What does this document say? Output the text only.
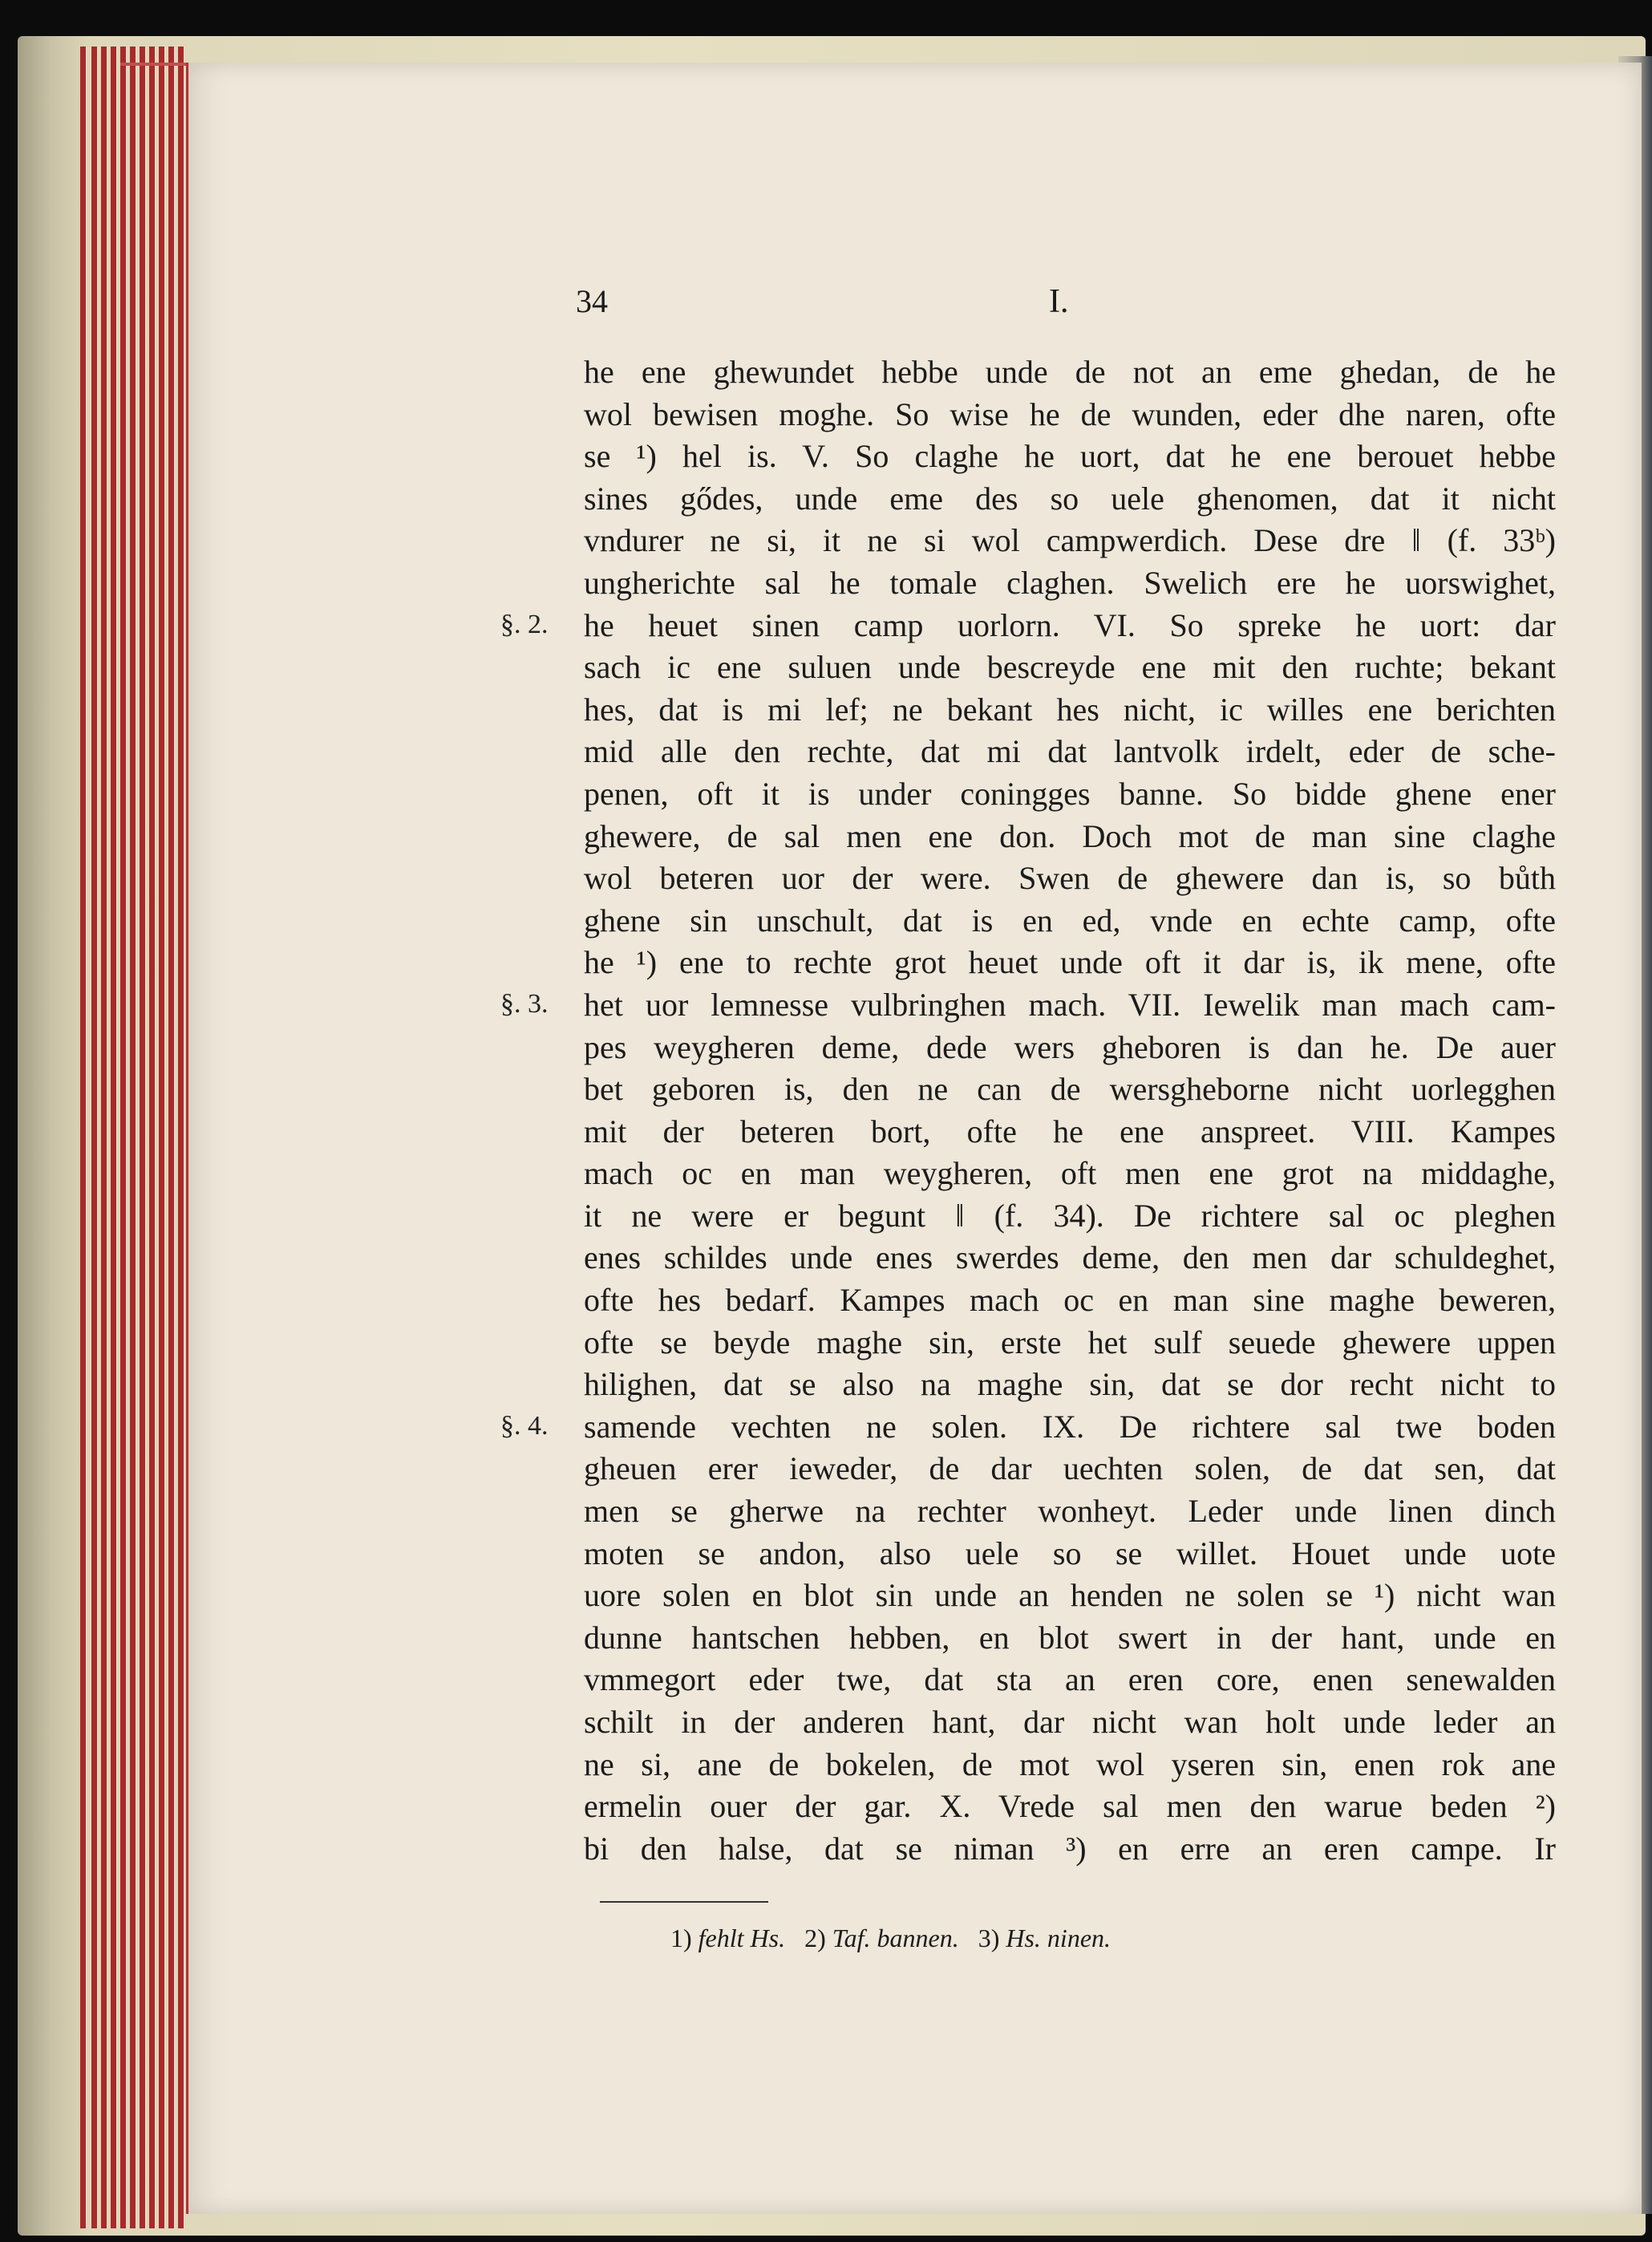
34	I.
§. 2.
§. 3.
§. 4.
he ene ghewundet hebbe unde de not an eme ghedan, de he
wol bewisen moghe. So wise he de wunden, eder dhe naren, ofte
se ¹) hel is. V. So claghe he uort, dat he ene berouet hebbe
sines gődes, unde eme des so uele ghenomen, dat it nicht
vndurer ne si, it ne si wol campwerdich. Dese dre ‖ (f. 33ᵇ)
ungherichte sal he tomale claghen. Swelich ere he uorswighet,
he heuet sinen camp uorlorn. VI. So spreke he uort: dar
sach ic ene suluen unde bescreyde ene mit den ruchte; bekant
hes, dat is mi lef; ne bekant hes nicht, ic willes ene berichten
mid alle den rechte, dat mi dat lantvolk irdelt, eder de sche-
penen, oft it is under coningges banne. So bidde ghene ener
ghewere, de sal men ene don. Doch mot de man sine claghe
wol beteren uor der were. Swen de ghewere dan is, so bůth
ghene sin unschult, dat is en ed, vnde en echte camp, ofte
he ¹) ene to rechte grot heuet unde oft it dar is, ik mene, ofte
het uor lemnesse vulbringhen mach. VII. Iewelik man mach cam-
pes weygheren deme, dede wers gheboren is dan he. De auer
bet geboren is, den ne can de wersgheborne nicht uorlegghen
mit der beteren bort, ofte he ene anspreet. VIII. Kampes
mach oc en man weygheren, oft men ene grot na middaghe,
it ne were er begunt ‖ (f. 34). De richtere sal oc pleghen
enes schildes unde enes swerdes deme, den men dar schuldeghet,
ofte hes bedarf. Kampes mach oc en man sine maghe beweren,
ofte se beyde maghe sin, erste het sulf seuede ghewere uppen
hilighen, dat se also na maghe sin, dat se dor recht nicht to
samende vechten ne solen. IX. De richtere sal twe boden
gheuen erer ieweder, de dar uechten solen, de dat sen, dat
men se gherwe na rechter wonheyt. Leder unde linen dinch
moten se andon, also uele so se willet. Houet unde uote
uore solen en blot sin unde an henden ne solen se ¹) nicht wan
dunne hantschen hebben, en blot swert in der hant, unde en
vmmegort eder twe, dat sta an eren core, enen senewalden
schilt in der anderen hant, dar nicht wan holt unde leder an
ne si, ane de bokelen, de mot wol yseren sin, enen rok ane
ermelin ouer der gar. X. Vrede sal men den warue beden ²)
bi den halse, dat se niman ³) en erre an eren campe. Ir
1) fehlt Hs. 2) Taf. bannen. 3) Hs. ninen.
